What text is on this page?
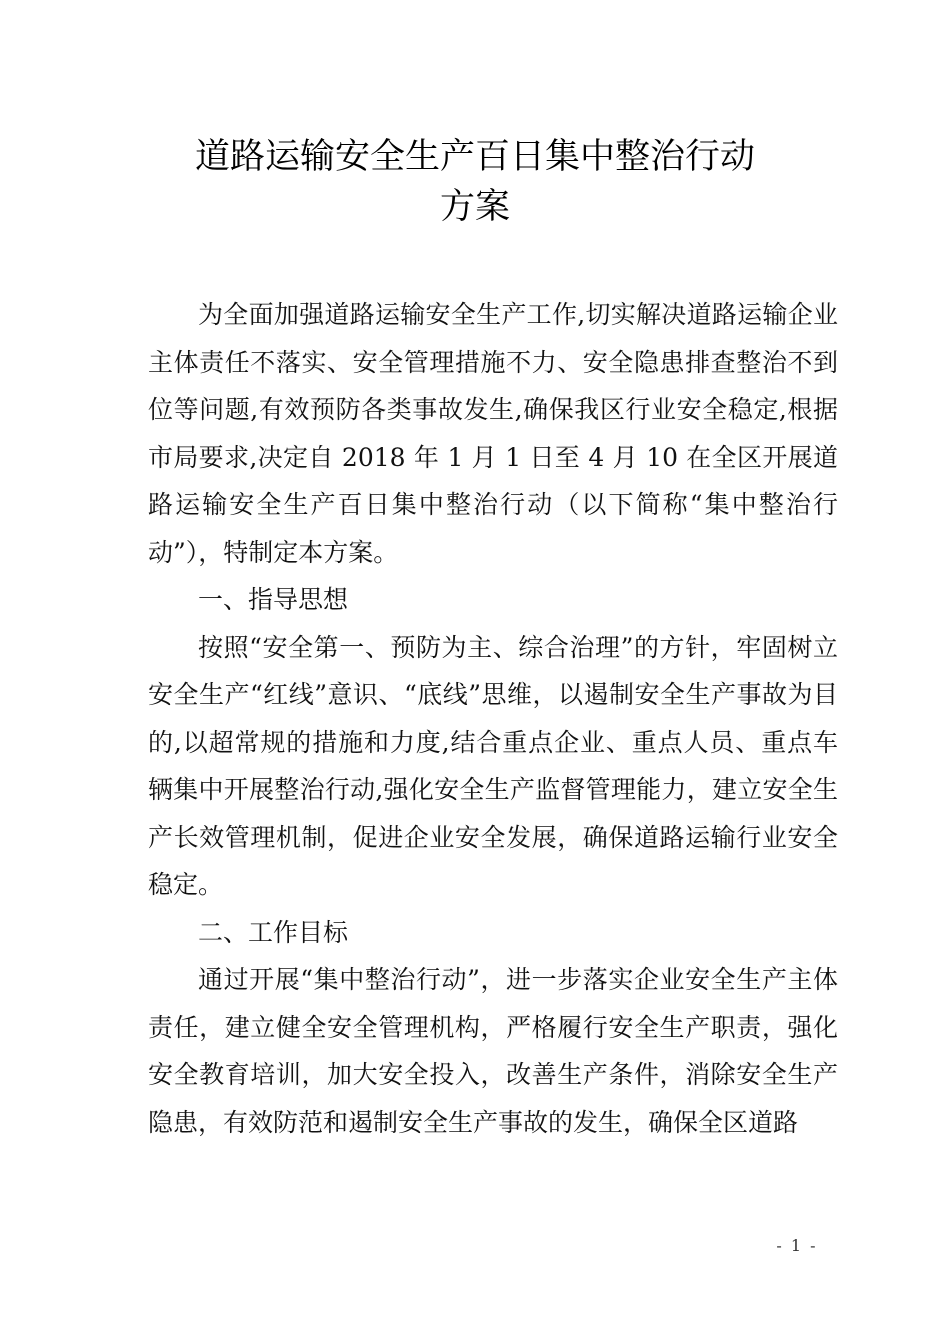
道路运输安全生产百日集中整治行动
方案

为全面加强道路运输安全生产工作,切实解决道路运输企业主体责任不落实、安全管理措施不力、安全隐患排查整治不到位等问题,有效预防各类事故发生,确保我区行业安全稳定,根据市局要求,决定自 2018 年 1 月 1 日至 4 月 10 在全区开展道路运输安全生产百日集中整治行动（以下简称“集中整治行动”），特制定本方案。

一、指导思想

按照“安全第一、预防为主、综合治理”的方针，牢固树立安全生产“红线”意识、“底线”思维，以遏制安全生产事故为目的,以超常规的措施和力度,结合重点企业、重点人员、重点车辆集中开展整治行动,强化安全生产监督管理能力，建立安全生产长效管理机制，促进企业安全发展，确保道路运输行业安全稳定。

二、工作目标

通过开展“集中整治行动”，进一步落实企业安全生产主体责任，建立健全安全管理机构，严格履行安全生产职责，强化安全教育培训，加大安全投入，改善生产条件，消除安全生产隐患，有效防范和遏制安全生产事故的发生，确保全区道路

- 1 -
